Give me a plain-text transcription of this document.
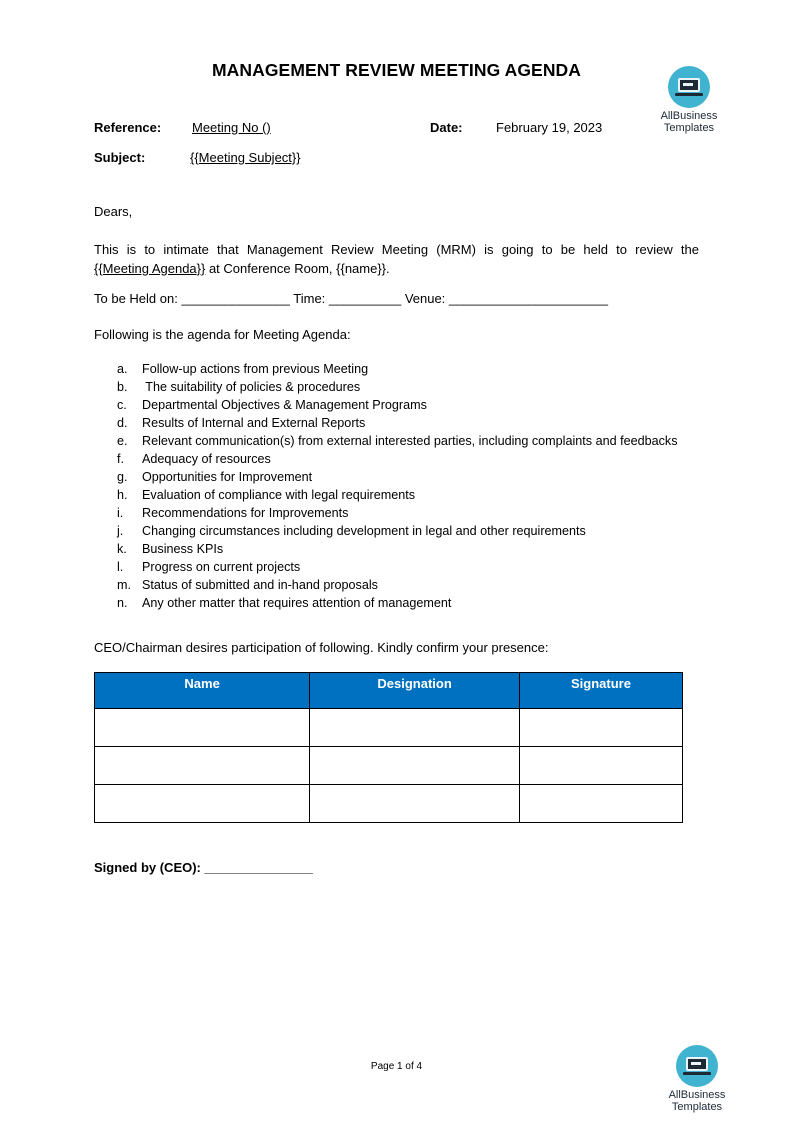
MANAGEMENT REVIEW MEETING AGENDA
AllBusiness
Templates
Reference: Meeting No ()	Date:	February 19, 2023
Subject:	{{Meeting Subject}}
Dears,
This is to intimate that Management Review Meeting (MRM) is going to be held to review the
{{Meeting Agenda}} at Conference Room, {{name}}.
To be Held on: _______________ Time: __________ Venue: ______________________
Following is the agenda for Meeting Agenda:
a. Follow-up actions from previous Meeting
b. The suitability of policies & procedures
c. Departmental Objectives & Management Programs
d. Results of Internal and External Reports
e. Relevant communication(s) from external interested parties, including complaints and feedbacks
f. Adequacy of resources
g. Opportunities for Improvement
h. Evaluation of compliance with legal requirements
i. Recommendations for Improvements
j. Changing circumstances including development in legal and other requirements
k. Business KPIs
l. Progress on current projects
m. Status of submitted and in-hand proposals
n. Any other matter that requires attention of management
CEO/Chairman desires participation of following. Kindly confirm your presence:
Name	Designation	Signature

Signed by (CEO): _______________
Page 1 of 4
AllBusiness
Templates
